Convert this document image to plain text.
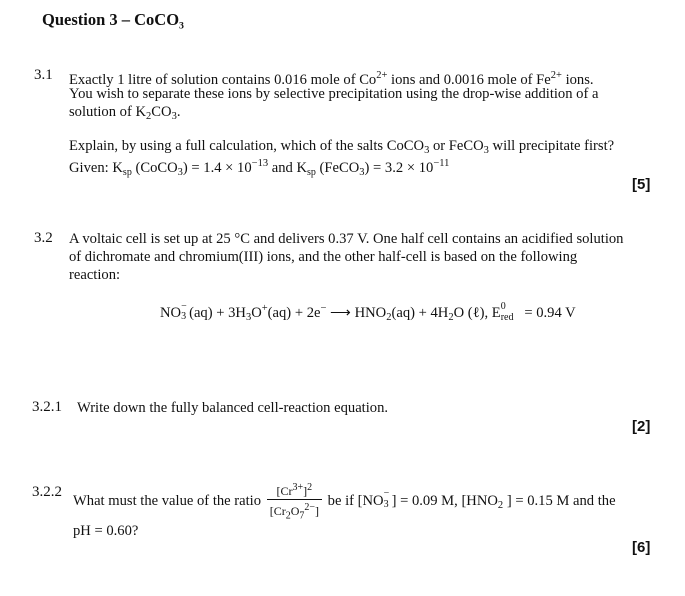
Question 3 – CoCO₃
3.1 Exactly 1 litre of solution contains 0.016 mole of $Co^{2+}$ ions and 0.0016 mole of $Fe^{2+}$ ions.
You wish to separate these ions by selective precipitation using the drop-wise addition of a
solution of $K_2CO_3$.
Explain, by using a full calculation, which of the salts CoCO$_3$ or FeCO$_3$ will precipitate first?
Given: $K_{sp}$ (CoCO$_3$) = $1.4 \times 10^{-13}$ and $K_{sp}$ (FeCO$_3$) = $3.2 \times 10^{-11}$
[5]
3.2 A voltaic cell is set up at 25 °C and delivers 0.37 V. One half cell contains an acidified solution
of dichromate and chromium(III) ions, and the other half-cell is based on the following
reaction:
NO −
3 $(aq) + 3H_3O^+(aq) + 2e^-$ ⟶ $HNO_2(aq) + 4H_2O$ (ℓ), E 0
red = 0.94 V
3.2.1 Write down the fully balanced cell-reaction equation.
[2]
3.2.2
What must the value of the ratio $\frac{[Cr^{3+}]^2}{[Cr_2O_7^{2-}]}$ be if [NO −
3 ] = 0.09 M, [$HNO_2$ ] = 0.15 M and the
pH = 0.60?
[6]
